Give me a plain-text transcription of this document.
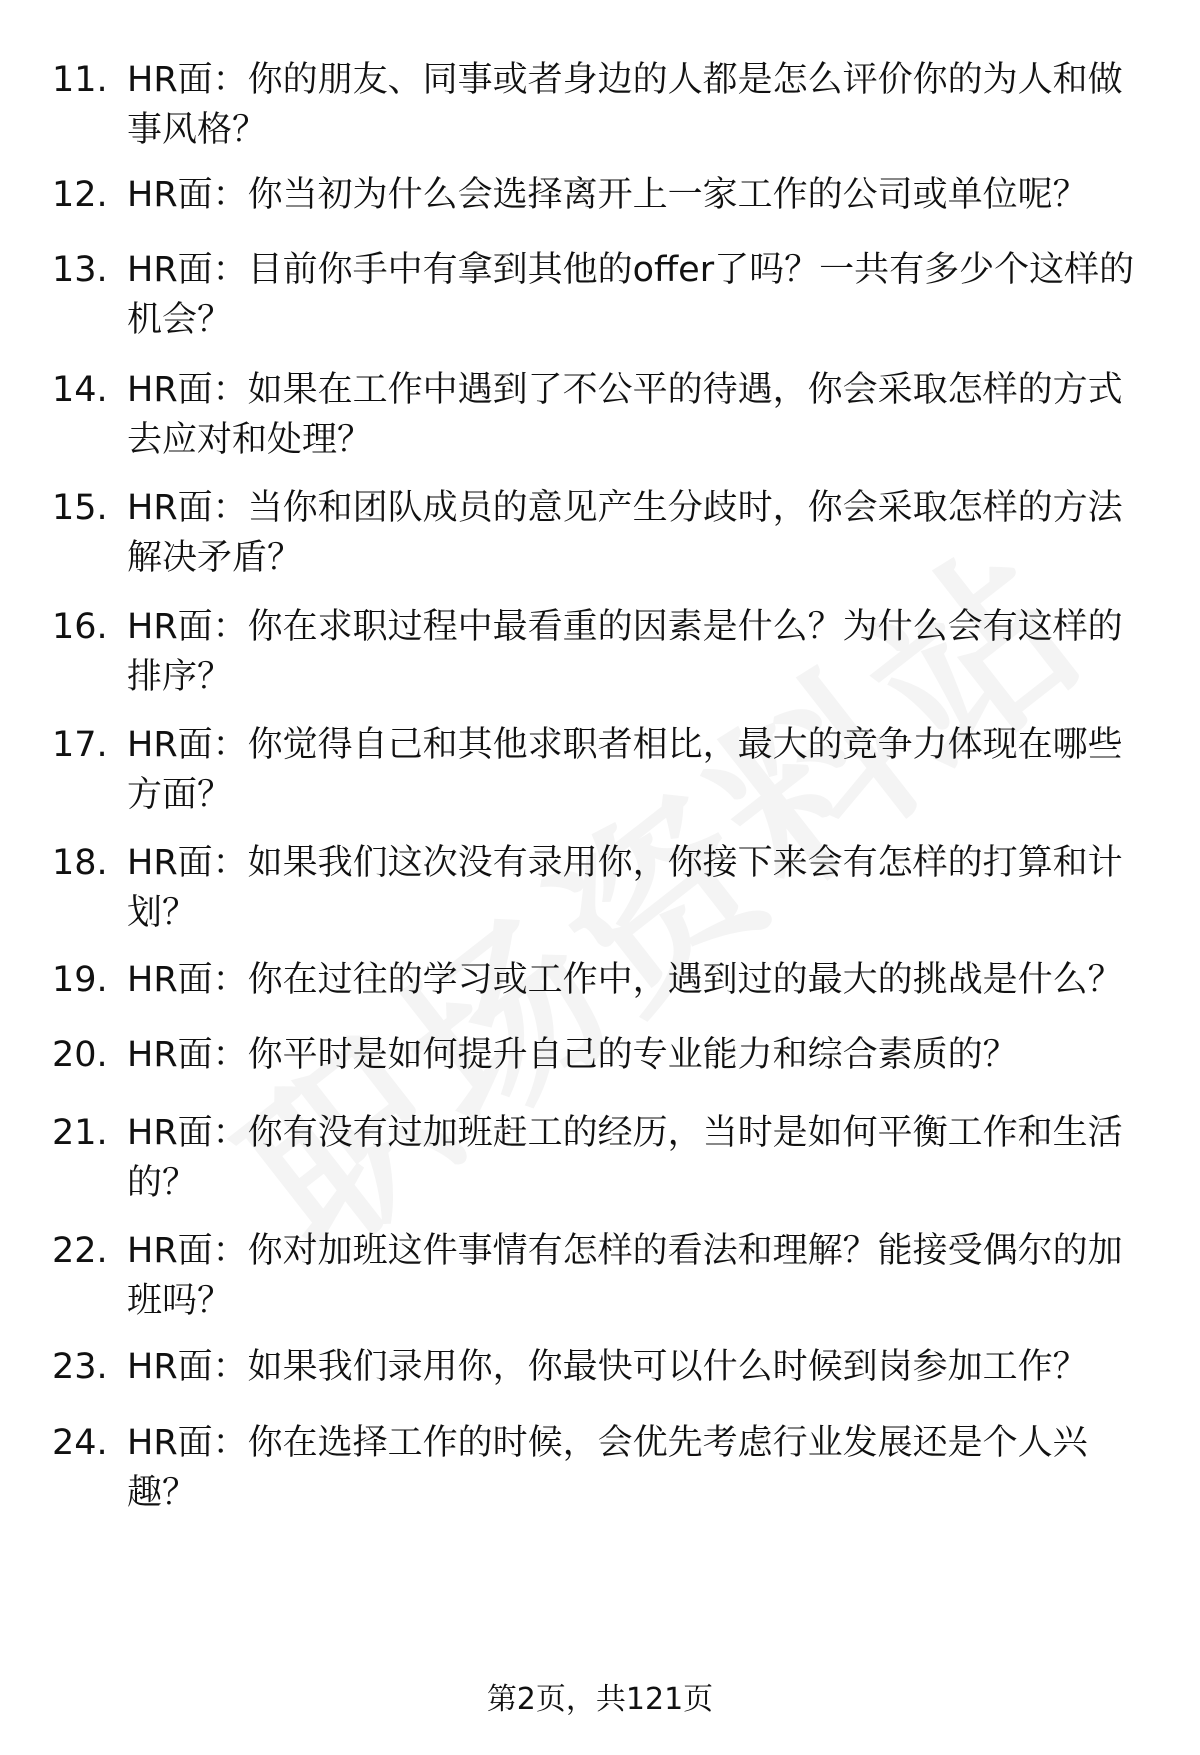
11. HR面：你的朋友、同事或者身边的人都是怎么评价你的为人和做事风格？
12. HR面：你当初为什么会选择离开上一家工作的公司或单位呢？
13. HR面：目前你手中有拿到其他的offer了吗？一共有多少个这样的机会？
14. HR面：如果在工作中遇到了不公平的待遇，你会采取怎样的方式去应对和处理？
15. HR面：当你和团队成员的意见产生分歧时，你会采取怎样的方法解决矛盾？
16. HR面：你在求职过程中最看重的因素是什么？为什么会有这样的排序？
17. HR面：你觉得自己和其他求职者相比，最大的竞争力体现在哪些方面？
18. HR面：如果我们这次没有录用你，你接下来会有怎样的打算和计划？
19. HR面：你在过往的学习或工作中，遇到过的最大的挑战是什么？
20. HR面：你平时是如何提升自己的专业能力和综合素质的？
21. HR面：你有没有过加班赶工的经历，当时是如何平衡工作和生活的？
22. HR面：你对加班这件事情有怎样的看法和理解？能接受偶尔的加班吗？
23. HR面：如果我们录用你，你最快可以什么时候到岗参加工作？
24. HR面：你在选择工作的时候，会优先考虑行业发展还是个人兴趣？
第2页，共121页
